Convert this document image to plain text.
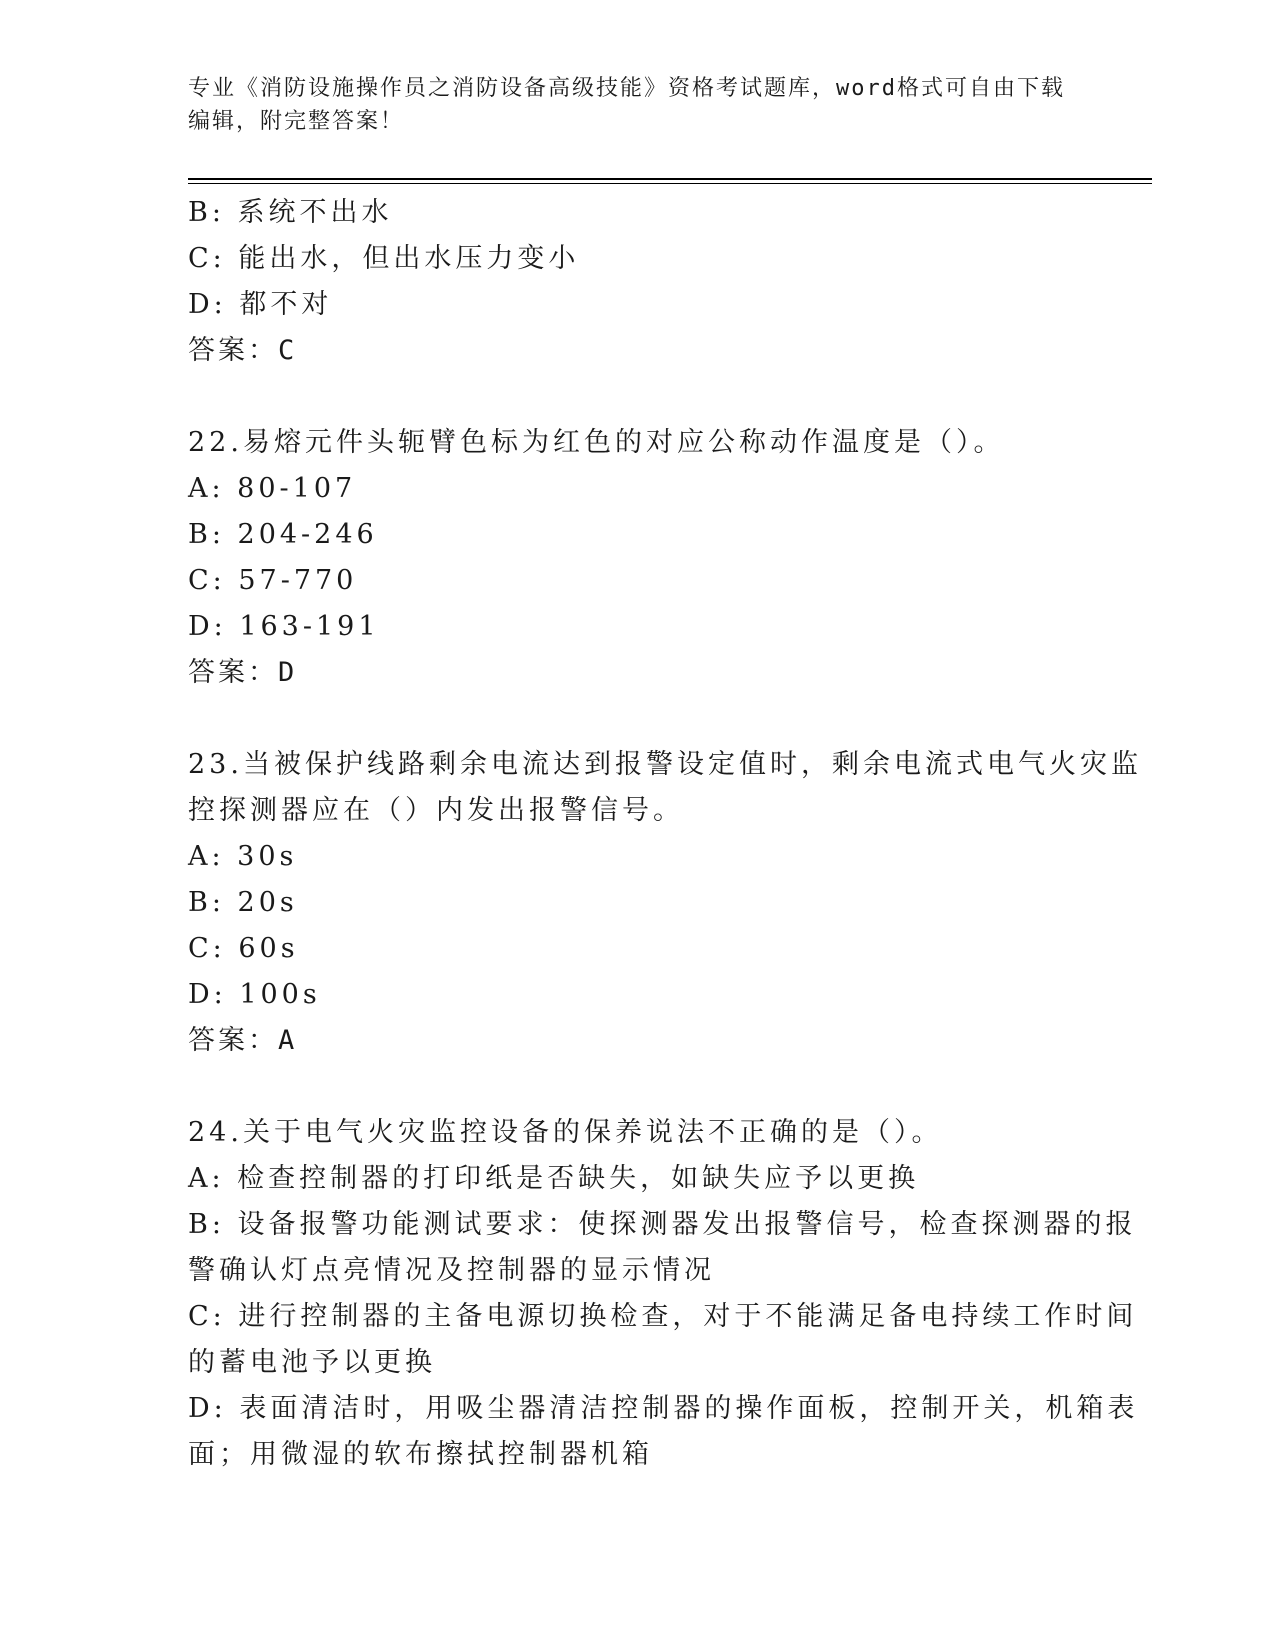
专业《消防设施操作员之消防设备高级技能》资格考试题库，word格式可自由下载编辑，附完整答案！
B: 系统不出水
C: 能出水，但出水压力变小
D: 都不对
答案：C
22.易熔元件头轭臂色标为红色的对应公称动作温度是（）。
A: 80-107
B: 204-246
C: 57-770
D: 163-191
答案：D
23.当被保护线路剩余电流达到报警设定值时，剩余电流式电气火灾监
控探测器应在（）内发出报警信号。
A: 30s
B: 20s
C: 60s
D: 100s
答案：A
24.关于电气火灾监控设备的保养说法不正确的是（）。
A: 检查控制器的打印纸是否缺失，如缺失应予以更换
B: 设备报警功能测试要求：使探测器发出报警信号，检查探测器的报
警确认灯点亮情况及控制器的显示情况
C: 进行控制器的主备电源切换检查，对于不能满足备电持续工作时间
的蓄电池予以更换
D: 表面清洁时，用吸尘器清洁控制器的操作面板，控制开关，机箱表
面；用微湿的软布擦拭控制器机箱
